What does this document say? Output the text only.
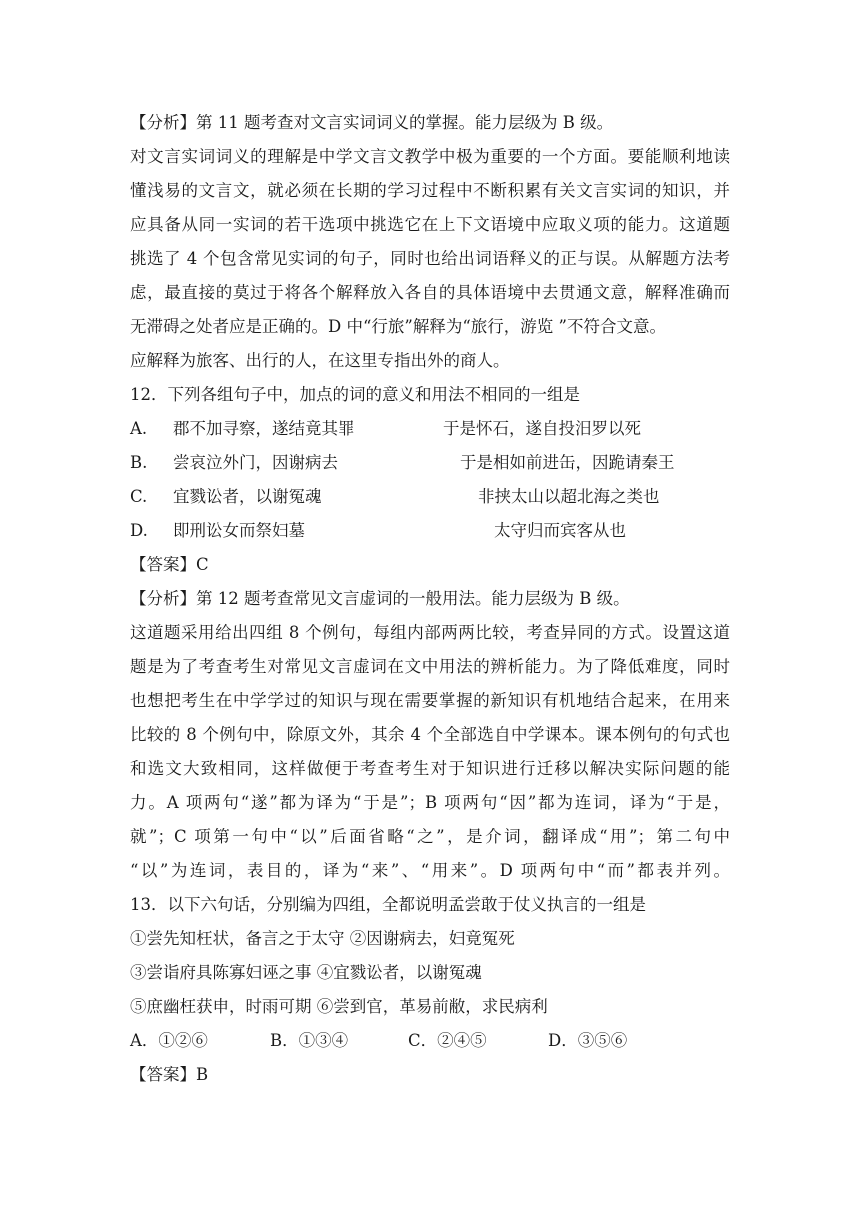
【分析】第 11 题考查对文言实词词义的掌握。能力层级为 B 级。
对文言实词词义的理解是中学文言文教学中极为重要的一个方面。要能顺利地读
懂浅易的文言文，就必须在长期的学习过程中不断积累有关文言实词的知识，并
应具备从同一实词的若干选项中挑选它在上下文语境中应取义项的能力。这道题
挑选了 4 个包含常见实词的句子，同时也给出词语释义的正与误。从解题方法考
虑，最直接的莫过于将各个解释放入各自的具体语境中去贯通文意，解释准确而
无滞碍之处者应是正确的。D 中“行旅”解释为“旅行，游览 ”不符合文意。
应解释为旅客、出行的人，在这里专指出外的商人。
12．下列各组句子中，加点的词的意义和用法不相同的一组是
A. 郡不加寻察，遂结竟其罪	于是怀石，遂自投汨罗以死
B. 尝哀泣外门，因谢病去	于是相如前进缶，因跪请秦王
C. 宜戮讼者，以谢冤魂	非挟太山以超北海之类也
D. 即刑讼女而祭妇墓	太守归而宾客从也
【答案】C
【分析】第 12 题考查常见文言虚词的一般用法。能力层级为 B 级。
这道题采用给出四组 8 个例句，每组内部两两比较，考查异同的方式。设置这道
题是为了考查考生对常见文言虚词在文中用法的辨析能力。为了降低难度，同时
也想把考生在中学学过的知识与现在需要掌握的新知识有机地结合起来，在用来
比较的 8 个例句中，除原文外，其余 4 个全部选自中学课本。课本例句的句式也
和选文大致相同，这样做便于考查考生对于知识进行迁移以解决实际问题的能
力。A 项两句“遂”都为译为“于是”；B 项两句“因”都为连词，译为“于是，
就”；C 项第一句中“以”后面省略“之”，是介词，翻译成“用”；第二句中
“以”为连词，表目的，译为“来”、“用来”。D 项两句中“而”都表并列。
13．以下六句话，分别编为四组，全都说明孟尝敢于仗义执言的一组是
①尝先知枉状，备言之于太守 ②因谢病去，妇竟冤死
③尝诣府具陈寡妇诬之事 ④宜戮讼者，以谢冤魂
⑤庶幽枉获申，时雨可期 ⑥尝到官，革易前敝，求民病利
A．①②⑥	B．①③④	C．②④⑤	D．③⑤⑥
【答案】B
